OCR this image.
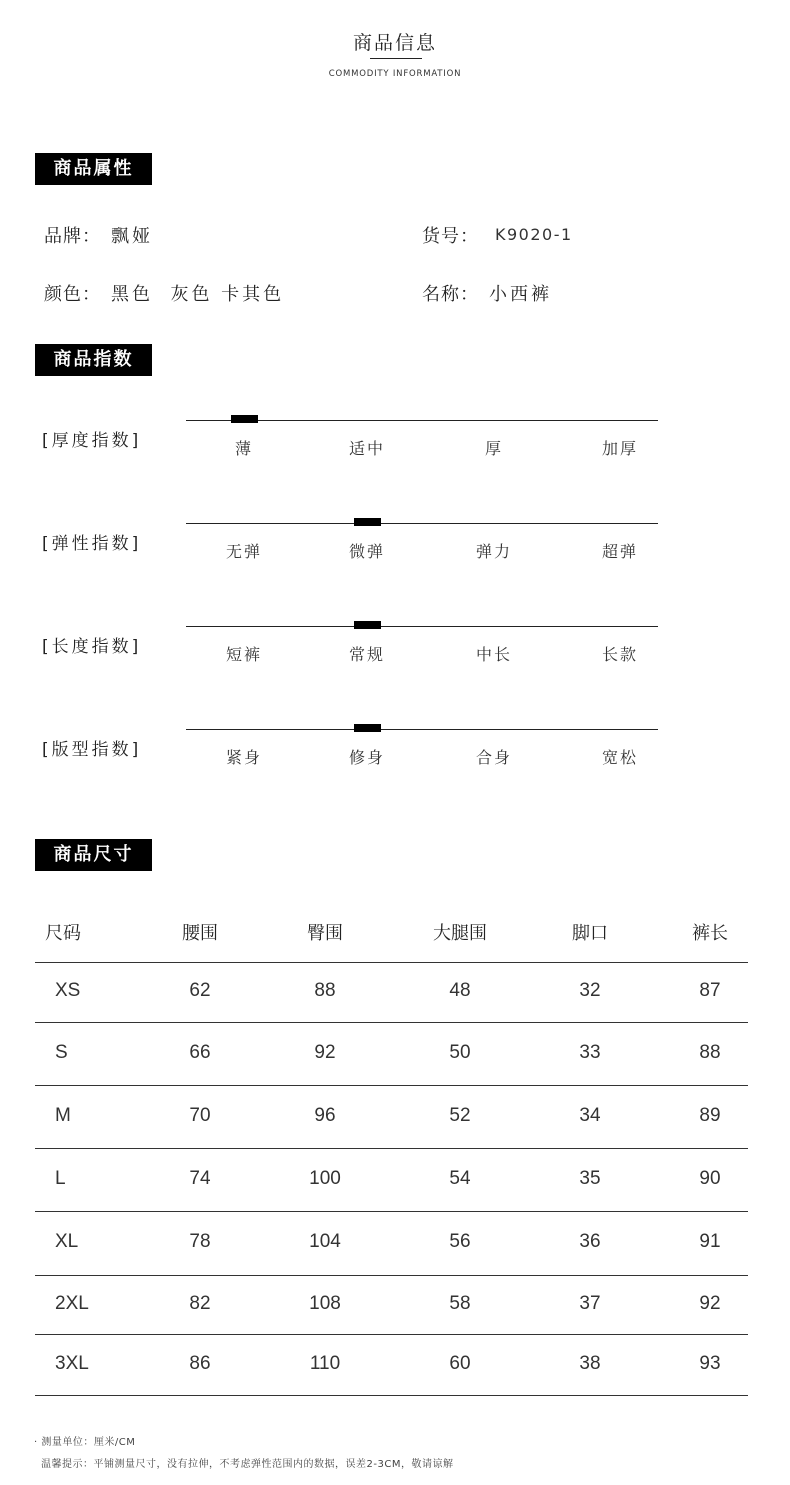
商品信息
COMMODITY INFORMATION
商品属性
品牌： 飘娅	货号： K9020-1
颜色： 黑色  灰色 卡其色	名称： 小西裤
商品指数
商品尺寸
· 测量单位：厘米/CM
温馨提示：平铺测量尺寸，没有拉伸，不考虑弹性范围内的数据，误差2-3CM，敬请谅解
[厚度指数]	薄	适中	厚	加厚
[弹性指数]	无弹	微弹	弹力	超弹
[长度指数]	短裤	常规	中长	长款
[版型指数]	紧身	修身	合身	宽松
尺码	腰围	臀围	大腿围	脚口	裤长
XS	62	88	48	32	87
S	66	92	50	33	88
M	70	96	52	34	89
L	74	100	54	35	90
XL	78	104	56	36	91
2XL	82	108	58	37	92
3XL	86	110	60	38	93
